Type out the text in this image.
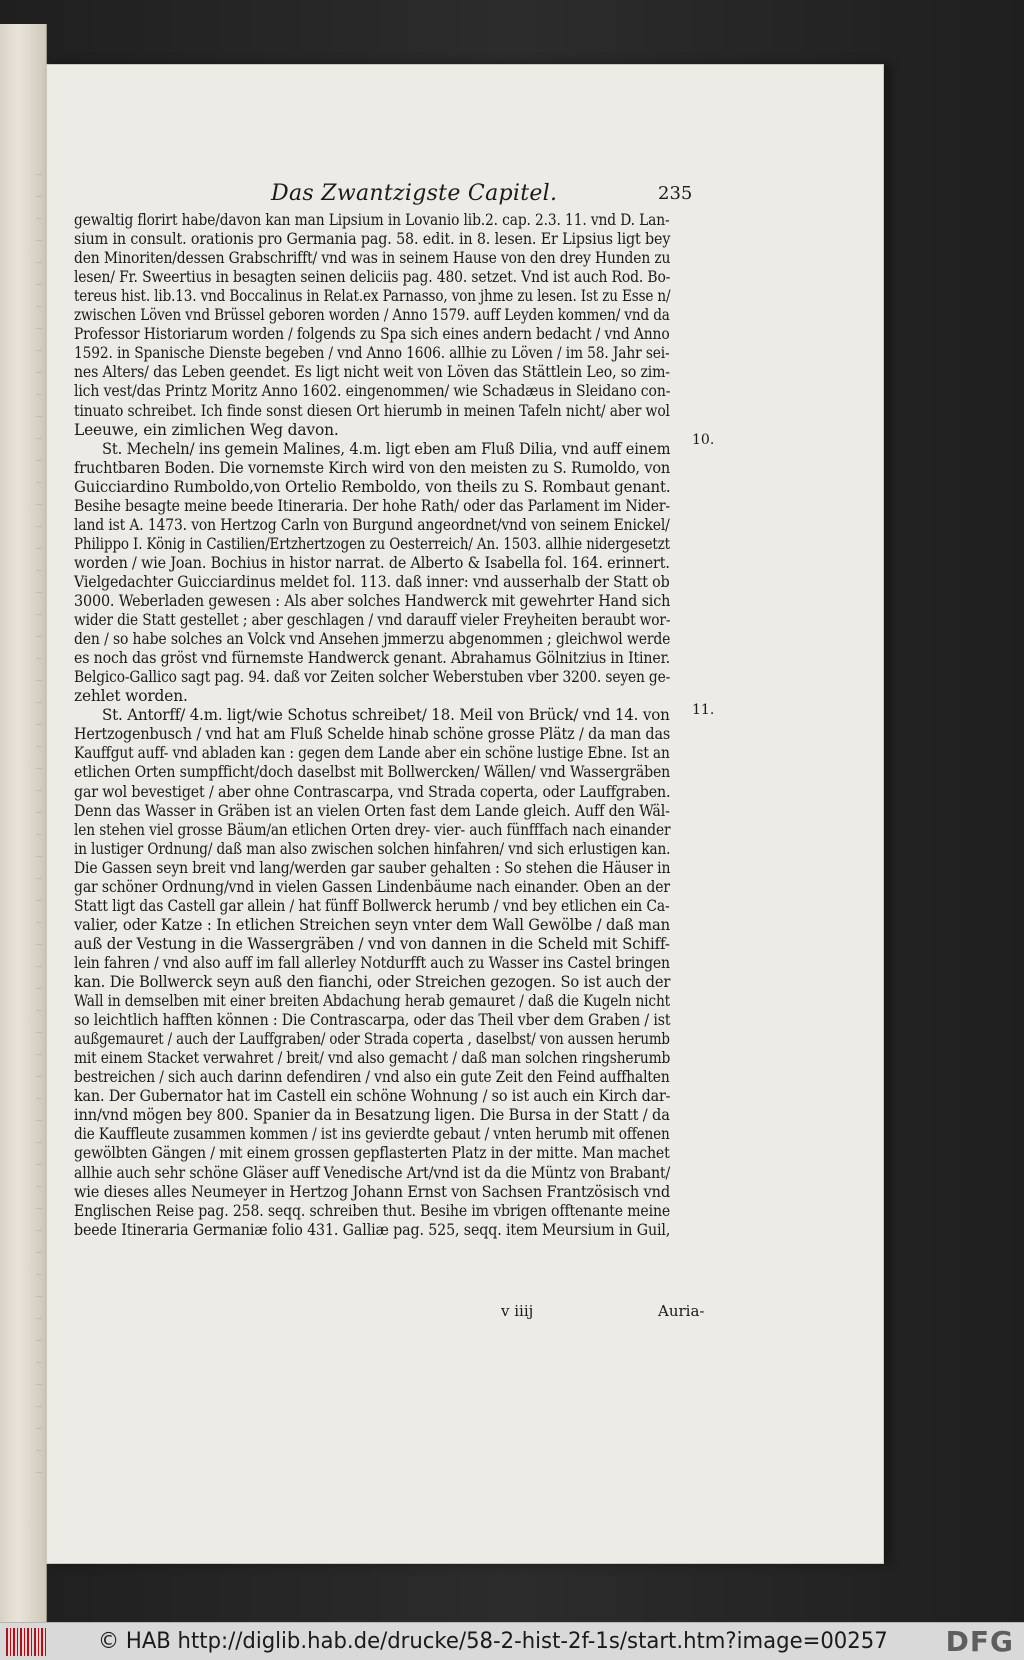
Das Zwantzigste Capitel.	235
gewaltig florirt habe/davon kan man Lipsium in Lovanio lib.2. cap. 2.3. 11. vnd D. Lan-
sium in consult. orationis pro Germania pag. 58. edit. in 8. lesen. Er Lipsius ligt bey
den Minoriten/dessen Grabschrifft/ vnd was in seinem Hause von den drey Hunden zu
lesen/ Fr. Sweertius in besagten seinen deliciis pag. 480. setzet. Vnd ist auch Rod. Bo-
tereus hist. lib.13. vnd Boccalinus in Relat.ex Parnasso, von jhme zu lesen. Ist zu Esse n/
zwischen Löven vnd Brüssel geboren worden / Anno 1579. auff Leyden kommen/ vnd da
Professor Historiarum worden / folgends zu Spa sich eines andern bedacht / vnd Anno
1592. in Spanische Dienste begeben / vnd Anno 1606. allhie zu Löven / im 58. Jahr sei-
nes Alters/ das Leben geendet. Es ligt nicht weit von Löven das Stättlein Leo, so zim-
lich vest/das Printz Moritz Anno 1602. eingenommen/ wie Schadæus in Sleidano con-
tinuato schreibet. Ich finde sonst diesen Ort hierumb in meinen Tafeln nicht/ aber wol
Leeuwe, ein zimlichen Weg davon.
St. Mecheln/ ins gemein Malines, 4.m. ligt eben am Fluß Dilia, vnd auff einem
fruchtbaren Boden. Die vornemste Kirch wird von den meisten zu S. Rumoldo, von
Guicciardino Rumboldo,von Ortelio Remboldo, von theils zu S. Rombaut genant.
Besihe besagte meine beede Itineraria. Der hohe Rath/ oder das Parlament im Nider-
land ist A. 1473. von Hertzog Carln von Burgund angeordnet/vnd von seinem Enickel/
Philippo I. König in Castilien/Ertzhertzogen zu Oesterreich/ An. 1503. allhie nidergesetzt
worden / wie Joan. Bochius in histor narrat. de Alberto & Isabella fol. 164. erinnert.
Vielgedachter Guicciardinus meldet fol. 113. daß inner: vnd ausserhalb der Statt ob
3000. Weberladen gewesen : Als aber solches Handwerck mit gewehrter Hand sich
wider die Statt gestellet ; aber geschlagen / vnd darauff vieler Freyheiten beraubt wor-
den / so habe solches an Volck vnd Ansehen jmmerzu abgenommen ; gleichwol werde
es noch das gröst vnd fürnemste Handwerck genant. Abrahamus Gölnitzius in Itiner.
Belgico-Gallico sagt pag. 94. daß vor Zeiten solcher Weberstuben vber 3200. seyen ge-
zehlet worden.
St. Antorff/ 4.m. ligt/wie Schotus schreibet/ 18. Meil von Brück/ vnd 14. von
Hertzogenbusch / vnd hat am Fluß Schelde hinab schöne grosse Plätz / da man das
Kauffgut auff- vnd abladen kan : gegen dem Lande aber ein schöne lustige Ebne. Ist an
etlichen Orten sumpfficht/doch daselbst mit Bollwercken/ Wällen/ vnd Wassergräben
gar wol bevestiget / aber ohne Contrascarpa, vnd Strada coperta, oder Lauffgraben.
Denn das Wasser in Gräben ist an vielen Orten fast dem Lande gleich. Auff den Wäl-
len stehen viel grosse Bäum/an etlichen Orten drey- vier- auch fünfffach nach einander
in lustiger Ordnung/ daß man also zwischen solchen hinfahren/ vnd sich erlustigen kan.
Die Gassen seyn breit vnd lang/werden gar sauber gehalten : So stehen die Häuser in
gar schöner Ordnung/vnd in vielen Gassen Lindenbäume nach einander. Oben an der
Statt ligt das Castell gar allein / hat fünff Bollwerck herumb / vnd bey etlichen ein Ca-
valier, oder Katze : In etlichen Streichen seyn vnter dem Wall Gewölbe / daß man
auß der Vestung in die Wassergräben / vnd von dannen in die Scheld mit Schiff-
lein fahren / vnd also auff im fall allerley Notdurfft auch zu Wasser ins Castel bringen
kan. Die Bollwerck seyn auß den fianchi, oder Streichen gezogen. So ist auch der
Wall in demselben mit einer breiten Abdachung herab gemauret / daß die Kugeln nicht
so leichtlich hafften können : Die Contrascarpa, oder das Theil vber dem Graben / ist
außgemauret / auch der Lauffgraben/ oder Strada coperta , daselbst/ von aussen herumb
mit einem Stacket verwahret / breit/ vnd also gemacht / daß man solchen ringsherumb
bestreichen / sich auch darinn defendiren / vnd also ein gute Zeit den Feind auffhalten
kan. Der Gubernator hat im Castell ein schöne Wohnung / so ist auch ein Kirch dar-
inn/vnd mögen bey 800. Spanier da in Besatzung ligen. Die Bursa in der Statt / da
die Kauffleute zusammen kommen / ist ins gevierdte gebaut / vnten herumb mit offenen
gewölbten Gängen / mit einem grossen gepflasterten Platz in der mitte. Man machet
allhie auch sehr schöne Gläser auff Venedische Art/vnd ist da die Müntz von Brabant/
wie dieses alles Neumeyer in Hertzog Johann Ernst von Sachsen Frantzösisch vnd
Englischen Reise pag. 258. seqq. schreiben thut. Besihe im vbrigen offtenante meine
beede Itineraria Germaniæ folio 431. Galliæ pag. 525, seqq. item Meursium in Guil,
10.
11.
v iiij	Auria-
© HAB http://diglib.hab.de/drucke/58-2-hist-2f-1s/start.htm?image=00257 DFG
